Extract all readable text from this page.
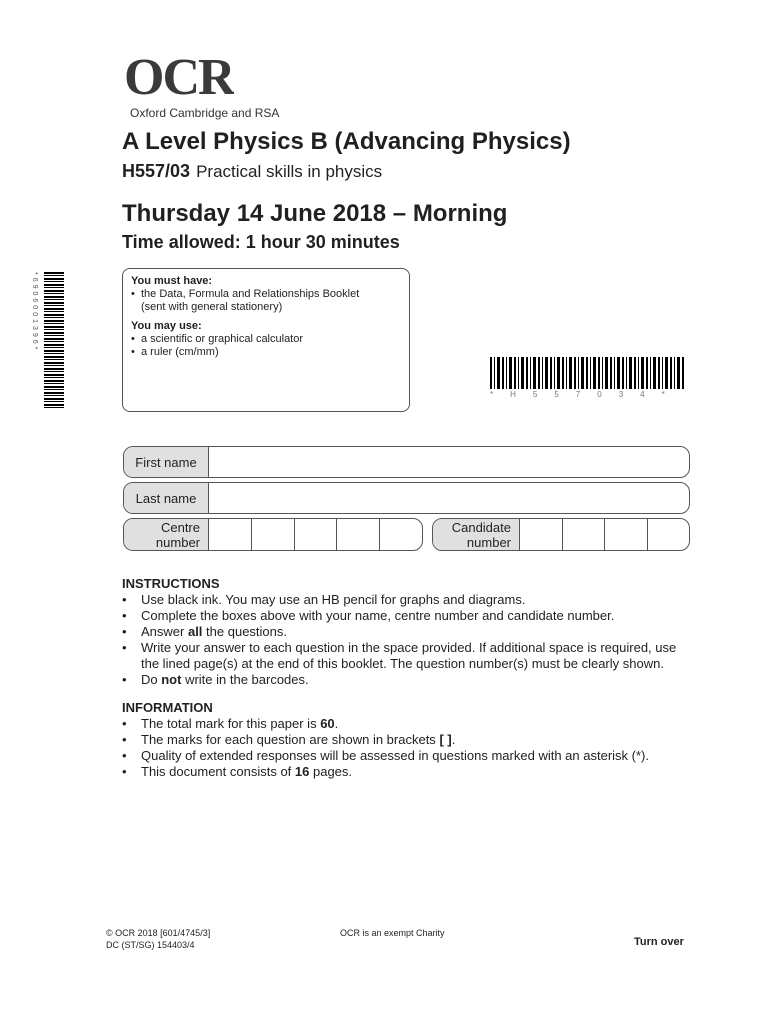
OCR
Oxford Cambridge and RSA
A Level Physics B (Advancing Physics)
H557/03 Practical skills in physics
Thursday 14 June 2018 – Morning
Time allowed: 1 hour 30 minutes
*6906001396*	You must have:
• the Data, Formula and Relationships Booklet
(sent with general stationery)
You may use:
• a scientific or graphical calculator
• a ruler (cm/mm)
*H557034*
First name
Last name
Centre number
Candidate number
INSTRUCTIONS
• Use black ink. You may use an HB pencil for graphs and diagrams.
• Complete the boxes above with your name, centre number and candidate number.
• Answer all the questions.
• Write your answer to each question in the space provided. If additional space is required, use the lined page(s) at the end of this booklet. The question number(s) must be clearly shown.
• Do not write in the barcodes.
INFORMATION
• The total mark for this paper is 60.
• The marks for each question are shown in brackets [ ].
• Quality of extended responses will be assessed in questions marked with an asterisk (*).
• This document consists of 16 pages.
© OCR 2018 [601/4745/3]
DC (ST/SG) 154403/4
OCR is an exempt Charity
Turn over
